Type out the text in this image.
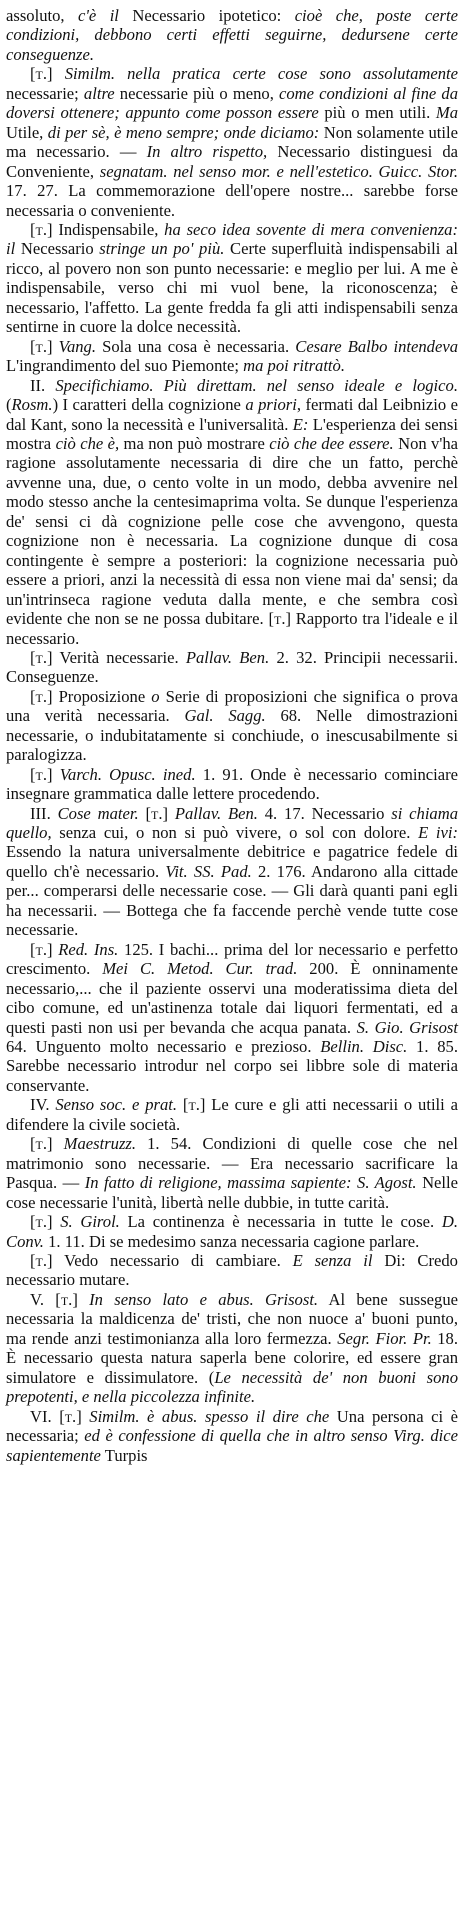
assoluto, c'è il Necessario ipotetico: cioè che, poste certe condizioni, debbono certi effetti seguirne, dedursene certe conseguenze.

[t.] Similm. nella pratica certe cose sono assolutamente necessarie; altre necessarie più o meno, come condizioni al fine da doversi ottenere; appunto come posson essere più o men utili. Ma Utile, di per sè, è meno sempre; onde diciamo: Non solamente utile ma necessario. — In altro rispetto, Necessario distinguesi da Conveniente, segnatam. nel senso mor. e nell'estetico. Guicc. Stor. 17. 27. La commemorazione dell'opere nostre... sarebbe forse necessaria o conveniente.

[t.] Indispensabile, ha seco idea sovente di mera convenienza: il Necessario stringe un po' più. Certe superfluità indispensabili al ricco, al povero non son punto necessarie: e meglio per lui. A me è indispensabile, verso chi mi vuol bene, la riconoscenza; è necessario, l'affetto. La gente fredda fa gli atti indispensabili senza sentirne in cuore la dolce necessità.

[t.] Vang. Sola una cosa è necessaria. Cesare Balbo intendeva L'ingrandimento del suo Piemonte; ma poi ritrattò.

II. Specifichiamo. Più direttam. nel senso ideale e logico. (Rosm.) I caratteri della cognizione a priori, fermati dal Leibnizio e dal Kant, sono la necessità e l'universalità. E: L'esperienza dei sensi mostra ciò che è, ma non può mostrare ciò che dee essere. Non v'ha ragione assolutamente necessaria di dire che un fatto, perchè avvenne una, due, o cento volte in un modo, debba avvenire nel modo stesso anche la centesimaprima volta. Se dunque l'esperienza de' sensi ci dà cognizione pelle cose che avvengono, questa cognizione non è necessaria. La cognizione dunque di cosa contingente è sempre a posteriori: la cognizione necessaria può essere a priori, anzi la necessità di essa non viene mai da' sensi; da un'intrinseca ragione veduta dalla mente, e che sembra così evidente che non se ne possa dubitare. [t.] Rapporto tra l'ideale e il necessario.

[t.] Verità necessarie. Pallav. Ben. 2. 32. Principii necessarii. Conseguenze.

[t.] Proposizione o Serie di proposizioni che significa o prova una verità necessaria. Gal. Sagg. 68. Nelle dimostrazioni necessarie, o indubitatamente si conchiude, o inescusabilmente si paralogizza.

[t.] Varch. Opusc. ined. 1. 91. Onde è necessario cominciare insegnare grammatica dalle lettere procedendo.

III. Cose mater. [t.] Pallav. Ben. 4. 17. Necessario si chiama quello, senza cui, o non si può vivere, o sol con dolore. E ivi: Essendo la natura universalmente debitrice e pagatrice fedele di quello ch'è necessario. Vit. SS. Pad. 2. 176. Andarono alla cittade per... comperarsi delle necessarie cose. — Gli darà quanti pani egli ha necessarii. — Bottega che fa faccende perchè vende tutte cose necessarie.

[t.] Red. Ins. 125. I bachi... prima del lor necessario e perfetto crescimento. Mei C. Metod. Cur. trad. 200. È onninamente necessario,... che il paziente osservi una moderatissima dieta del cibo comune, ed un'astinenza totale dai liquori fermentati, ed a questi pasti non usi per bevanda che acqua panata. S. Gio. Grisost 64. Unguento molto necessario e prezioso. Bellin. Disc. 1. 85. Sarebbe necessario introdur nel corpo sei libbre sole di materia conservante.

IV. Senso soc. e prat. [t.] Le cure e gli atti necessarii o utili a difendere la civile società.

[t.] Maestruzz. 1. 54. Condizioni di quelle cose che nel matrimonio sono necessarie. — Era necessario sacrificare la Pasqua. — In fatto di religione, massima sapiente: S. Agost. Nelle cose necessarie l'unità, libertà nelle dubbie, in tutte carità.

[t.] S. Girol. La continenza è necessaria in tutte le cose. D. Conv. 1. 11. Di se medesimo sanza necessaria cagione parlare.

[t.] Vedo necessario di cambiare. E senza il Di: Credo necessario mutare.

V. [t.] In senso lato e abus. Grisost. Al bene sussegue necessaria la maldicenza de' tristi, che non nuoce a' buoni punto, ma rende anzi testimonianza alla loro fermezza. Segr. Fior. Pr. 18. È necessario questa natura saperla bene colorire, ed essere gran simulatore e dissimulatore. (Le necessità de' non buoni sono prepotenti, e nella piccolezza infinite.

VI. [t.] Similm. è abus. spesso il dire che Una persona ci è necessaria; ed è confessione di quella che in altro senso Virg. dice sapientemente Turpis
